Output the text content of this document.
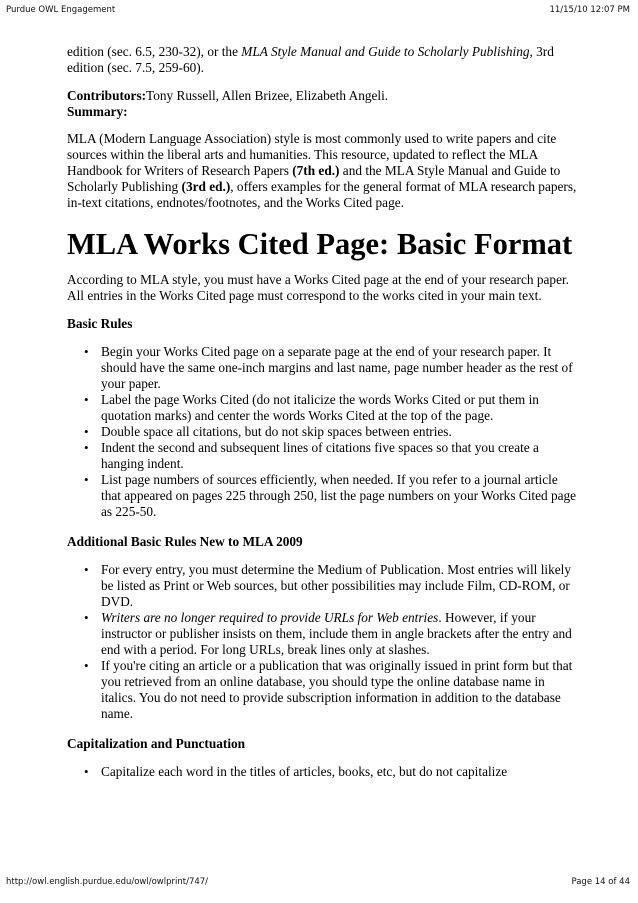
Purdue OWL Engagement	11/15/10 12:07 PM

edition (sec. 6.5, 230-32), or the MLA Style Manual and Guide to Scholarly Publishing, 3rd edition (sec. 7.5, 259-60).

Contributors:Tony Russell, Allen Brizee, Elizabeth Angeli.

Summary:

MLA (Modern Language Association) style is most commonly used to write papers and cite sources within the liberal arts and humanities. This resource, updated to reflect the MLA Handbook for Writers of Research Papers (7th ed.) and the MLA Style Manual and Guide to Scholarly Publishing (3rd ed.), offers examples for the general format of MLA research papers, in-text citations, endnotes/footnotes, and the Works Cited page.

MLA Works Cited Page: Basic Format

According to MLA style, you must have a Works Cited page at the end of your research paper. All entries in the Works Cited page must correspond to the works cited in your main text.

Basic Rules
• Begin your Works Cited page on a separate page at the end of your research paper. It should have the same one-inch margins and last name, page number header as the rest of your paper.
• Label the page Works Cited (do not italicize the words Works Cited or put them in quotation marks) and center the words Works Cited at the top of the page.
• Double space all citations, but do not skip spaces between entries.
• Indent the second and subsequent lines of citations five spaces so that you create a hanging indent.
• List page numbers of sources efficiently, when needed. If you refer to a journal article that appeared on pages 225 through 250, list the page numbers on your Works Cited page as 225-50.
Additional Basic Rules New to MLA 2009
• For every entry, you must determine the Medium of Publication. Most entries will likely be listed as Print or Web sources, but other possibilities may include Film, CD-ROM, or DVD.
• Writers are no longer required to provide URLs for Web entries. However, if your instructor or publisher insists on them, include them in angle brackets after the entry and end with a period. For long URLs, break lines only at slashes.
• If you're citing an article or a publication that was originally issued in print form but that you retrieved from an online database, you should type the online database name in italics. You do not need to provide subscription information in addition to the database name.
Capitalization and Punctuation
• Capitalize each word in the titles of articles, books, etc, but do not capitalize
http://owl.english.purdue.edu/owl/owlprint/747/	Page 14 of 44
